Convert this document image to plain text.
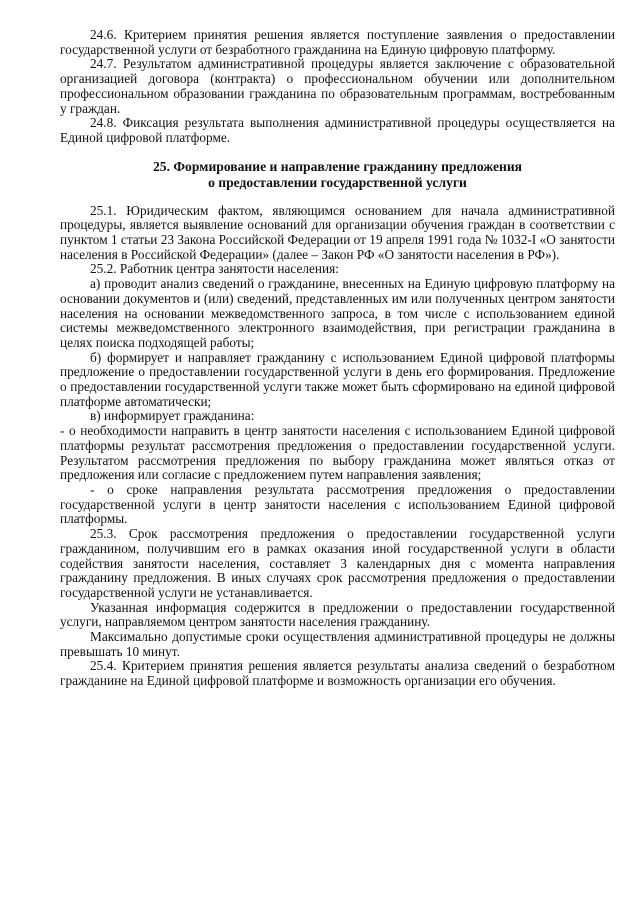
24.6. Критерием принятия решения является поступление заявления о предоставлении государственной услуги от безработного гражданина на Единую цифровую платформу.

24.7. Результатом административной процедуры является заключение с образовательной организацией договора (контракта) о профессиональном обучении или дополнительном профессиональном образовании гражданина по образовательным программам, востребованным у граждан.

24.8. Фиксация результата выполнения административной процедуры осуществляется на Единой цифровой платформе.

25. Формирование и направление гражданину предложения
о предоставлении государственной услуги

25.1. Юридическим фактом, являющимся основанием для начала административной процедуры, является выявление оснований для организации обучения граждан в соответствии с пунктом 1 статьи 23 Закона Российской Федерации от 19 апреля 1991 года № 1032-I «О занятости населения в Российской Федерации» (далее – Закон РФ «О занятости населения в РФ»).

25.2. Работник центра занятости населения:

а) проводит анализ сведений о гражданине, внесенных на Единую цифровую платформу на основании документов и (или) сведений, представленных им или полученных центром занятости населения на основании межведомственного запроса, в том числе с использованием единой системы межведомственного электронного взаимодействия, при регистрации гражданина в целях поиска подходящей работы;

б) формирует и направляет гражданину с использованием Единой цифровой платформы предложение о предоставлении государственной услуги в день его формирования. Предложение о предоставлении государственной услуги также может быть сформировано на единой цифровой платформе автоматически;

в) информирует гражданина:

- о необходимости направить в центр занятости населения с использованием Единой цифровой платформы результат рассмотрения предложения о предоставлении государственной услуги. Результатом рассмотрения предложения по выбору гражданина может являться отказ от предложения или согласие с предложением путем направления заявления;

- о сроке направления результата рассмотрения предложения о предоставлении государственной услуги в центр занятости населения с использованием Единой цифровой платформы.

25.3. Срок рассмотрения предложения о предоставлении государственной услуги гражданином, получившим его в рамках оказания иной государственной услуги в области содействия занятости населения, составляет 3 календарных дня с момента направления гражданину предложения. В иных случаях срок рассмотрения предложения о предоставлении государственной услуги не устанавливается.

Указанная информация содержится в предложении о предоставлении государственной услуги, направляемом центром занятости населения гражданину.

Максимально допустимые сроки осуществления административной процедуры не должны превышать 10 минут.

25.4. Критерием принятия решения является результаты анализа сведений о безработном гражданине на Единой цифровой платформе и возможность организации его обучения.
